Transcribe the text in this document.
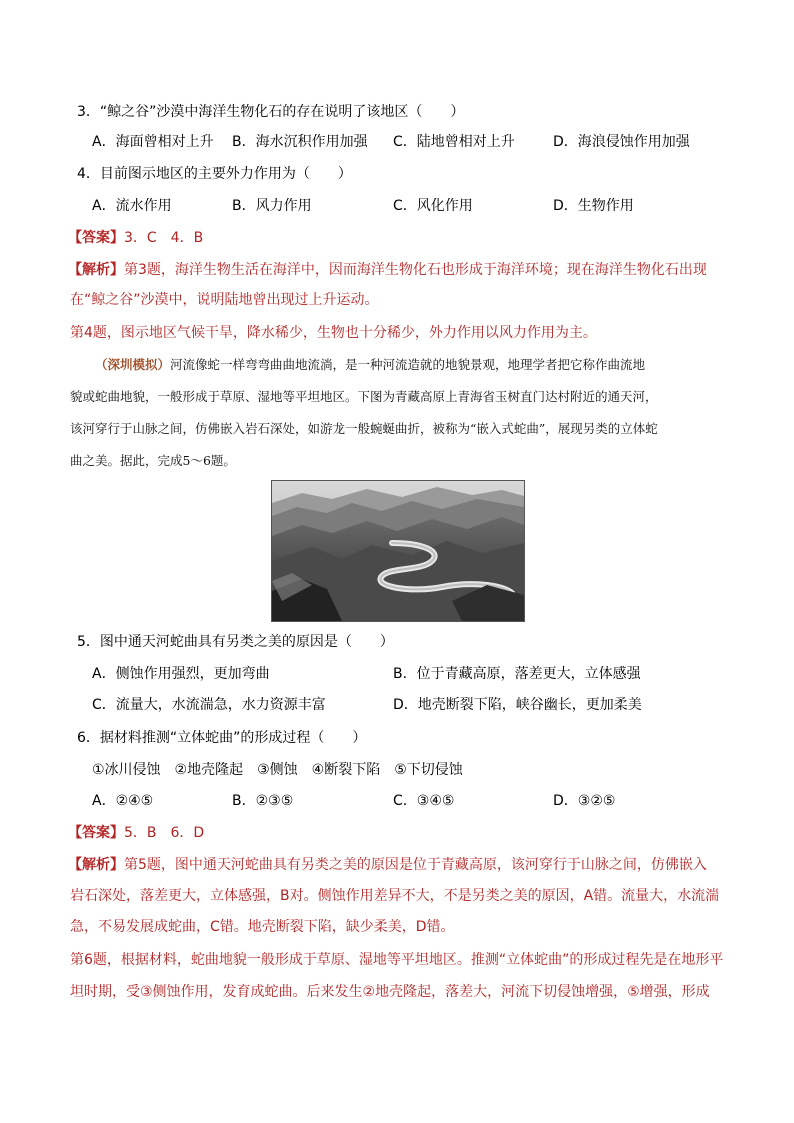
3．“鲸之谷”沙漠中海洋生物化石的存在说明了该地区（　　）
A．海面曾相对上升 B．海水沉积作用加强 C．陆地曾相对上升	D．海浪侵蚀作用加强
4．目前图示地区的主要外力作用为（　　）
A．流水作用	B．风力作用	C．风化作用	D．生物作用
【答案】3．C　4．B
【解析】第3题，海洋生物生活在海洋中，因而海洋生物化石也形成于海洋环境；现在海洋生物化石出现
在“鲸之谷”沙漠中，说明陆地曾出现过上升运动。
第4题，图示地区气候干旱，降水稀少，生物也十分稀少，外力作用以风力作用为主。
（深圳模拟）河流像蛇一样弯弯曲曲地流淌，是一种河流造就的地貌景观，地理学者把它称作曲流地
貌或蛇曲地貌，一般形成于草原、湿地等平坦地区。下图为青藏高原上青海省玉树直门达村附近的通天河，
该河穿行于山脉之间，仿佛嵌入岩石深处，如游龙一般蜿蜒曲折，被称为“嵌入式蛇曲”，展现另类的立体蛇
曲之美。据此，完成5～6题。
5．图中通天河蛇曲具有另类之美的原因是（　　）
A．侧蚀作用强烈，更加弯曲	B．位于青藏高原，落差更大，立体感强
C．流量大，水流湍急，水力资源丰富	D．地壳断裂下陷，峡谷幽长，更加柔美
6．据材料推测“立体蛇曲”的形成过程（　　）
①冰川侵蚀　②地壳隆起　③侧蚀　④断裂下陷　⑤下切侵蚀
A．②④⑤	B．②③⑤	C．③④⑤	D．③②⑤
【答案】5．B　6．D
【解析】第5题，图中通天河蛇曲具有另类之美的原因是位于青藏高原，该河穿行于山脉之间，仿佛嵌入
岩石深处，落差更大，立体感强，B对。侧蚀作用差异不大，不是另类之美的原因，A错。流量大，水流湍
急，不易发展成蛇曲，C错。地壳断裂下陷，缺少柔美，D错。
第6题，根据材料，蛇曲地貌一般形成于草原、湿地等平坦地区。推测“立体蛇曲”的形成过程先是在地形平
坦时期，受③侧蚀作用，发育成蛇曲。后来发生②地壳隆起，落差大，河流下切侵蚀增强，⑤增强，形成
